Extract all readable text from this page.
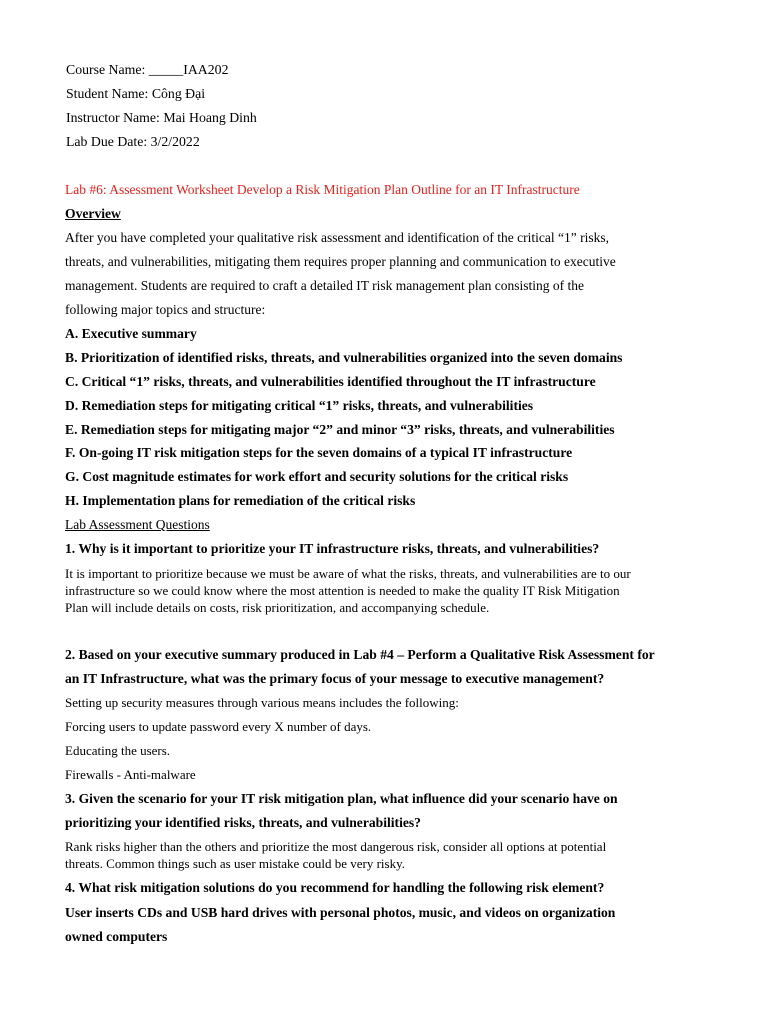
Course Name: _____IAA202
Student Name: Công Đại
Instructor Name: Mai Hoang Dinh
Lab Due Date: 3/2/2022
Lab #6: Assessment Worksheet Develop a Risk Mitigation Plan Outline for an IT Infrastructure
Overview
After you have completed your qualitative risk assessment and identification of the critical “1” risks,
threats, and vulnerabilities, mitigating them requires proper planning and communication to executive
management. Students are required to craft a detailed IT risk management plan consisting of the
following major topics and structure:
A. Executive summary
B. Prioritization of identified risks, threats, and vulnerabilities organized into the seven domains
C. Critical “1” risks, threats, and vulnerabilities identified throughout the IT infrastructure
D. Remediation steps for mitigating critical “1” risks, threats, and vulnerabilities
E. Remediation steps for mitigating major “2” and minor “3” risks, threats, and vulnerabilities
F. On-going IT risk mitigation steps for the seven domains of a typical IT infrastructure
G. Cost magnitude estimates for work effort and security solutions for the critical risks
H. Implementation plans for remediation of the critical risks
Lab Assessment Questions
1. Why is it important to prioritize your IT infrastructure risks, threats, and vulnerabilities?
It is important to prioritize because we must be aware of what the risks, threats, and vulnerabilities are to our
infrastructure so we could know where the most attention is needed to make the quality IT Risk Mitigation
Plan will include details on costs, risk prioritization, and accompanying schedule.
2. Based on your executive summary produced in Lab #4 – Perform a Qualitative Risk Assessment for
an IT Infrastructure, what was the primary focus of your message to executive management?
Setting up security measures through various means includes the following:
Forcing users to update password every X number of days.
Educating the users.
Firewalls - Anti-malware
3. Given the scenario for your IT risk mitigation plan, what influence did your scenario have on
prioritizing your identified risks, threats, and vulnerabilities?
Rank risks higher than the others and prioritize the most dangerous risk, consider all options at potential
threats. Common things such as user mistake could be very risky.
4. What risk mitigation solutions do you recommend for handling the following risk element?
User inserts CDs and USB hard drives with personal photos, music, and videos on organization
owned computers
